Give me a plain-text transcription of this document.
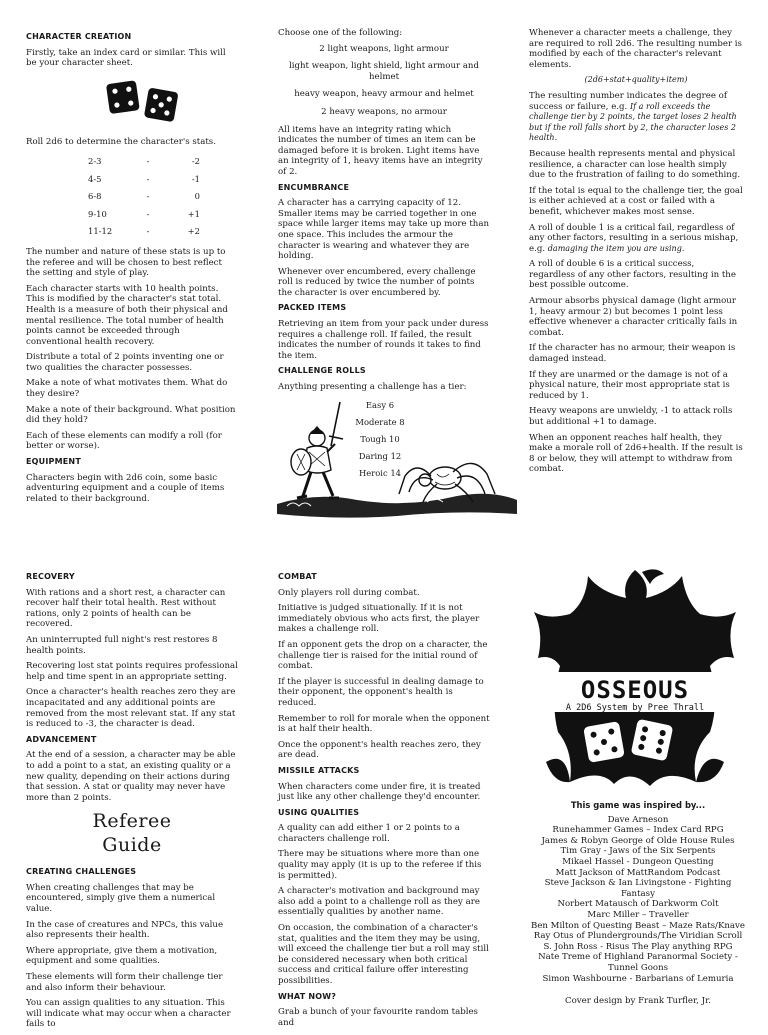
CHARACTER CREATION

Firstly, take an index card or similar. This will be your character sheet.

Roll 2d6 to determine the character's stats.

2-3	-	-2
4-5	-	-1
6-8	-	0
9-10	-	+1
11-12	-	+2

The number and nature of these stats is up to the referee and will be chosen to best reflect the setting and style of play.

Each character starts with 10 health points. This is modified by the character's stat total. Health is a measure of both their physical and mental resilience. The total number of health points cannot be exceeded through conventional health recovery.

Distribute a total of 2 points inventing one or two qualities the character possesses.

Make a note of what motivates them. What do they desire?

Make a note of their background. What position did they hold?

Each of these elements can modify a roll (for better or worse).

EQUIPMENT

Characters begin with 2d6 coin, some basic adventuring equipment and a couple of items related to their background.

Choose one of the following:

2 light weapons, light armour

light weapon, light shield, light armour and helmet

heavy weapon, heavy armour and helmet

2 heavy weapons, no armour

All items have an integrity rating which indicates the number of times an item can be damaged before it is broken. Light items have an integrity of 1, heavy items have an integrity of 2.

ENCUMBRANCE

A character has a carrying capacity of 12. Smaller items may be carried together in one space while larger items may take up more than one space. This includes the armour the character is wearing and whatever they are holding.

Whenever over encumbered, every challenge roll is reduced by twice the number of points the character is over encumbered by.

PACKED ITEMS

Retrieving an item from your pack under duress requires a challenge roll. If failed, the result indicates the number of rounds it takes to find the item.

CHALLENGE ROLLS

Anything presenting a challenge has a tier:

Easy 6
Moderate 8
Tough 10
Daring 12
Heroic 14

Whenever a character meets a challenge, they are required to roll 2d6. The resulting number is modified by each of the character's relevant elements.

(2d6+stat+quality+item)

The resulting number indicates the degree of success or failure, e.g. If a roll exceeds the challenge tier by 2 points, the target loses 2 health but if the roll falls short by 2, the character loses 2 health.

Because health represents mental and physical resilience, a character can lose health simply due to the frustration of failing to do something.

If the total is equal to the challenge tier, the goal is either achieved at a cost or failed with a benefit, whichever makes most sense.

A roll of double 1 is a critical fail, regardless of any other factors, resulting in a serious mishap, e.g. damaging the item you are using.

A roll of double 6 is a critical success, regardless of any other factors, resulting in the best possible outcome.

Armour absorbs physical damage (light armour 1, heavy armour 2) but becomes 1 point less effective whenever a character critically fails in combat.

If the character has no armour, their weapon is damaged instead.

If they are unarmed or the damage is not of a physical nature, their most appropriate stat is reduced by 1.

Heavy weapons are unwieldy, -1 to attack rolls but additional +1 to damage.

When an opponent reaches half health, they make a morale roll of 2d6+health. If the result is 8 or below, they will attempt to withdraw from combat.

RECOVERY

With rations and a short rest, a character can recover half their total health. Rest without rations, only 2 points of health can be recovered.

An uninterrupted full night's rest restores 8 health points.

Recovering lost stat points requires professional help and time spent in an appropriate setting.

Once a character's health reaches zero they are incapacitated and any additional points are removed from the most relevant stat. If any stat is reduced to -3, the character is dead.

ADVANCEMENT

At the end of a session, a character may be able to add a point to a stat, an existing quality or a new quality, depending on their actions during that session. A stat or quality may never have more than 2 points.

Referee
Guide
CREATING CHALLENGES

When creating challenges that may be encountered, simply give them a numerical value.

In the case of creatures and NPCs, this value also represents their health.

Where appropriate, give them a motivation, equipment and some qualities.

These elements will form their challenge tier and also inform their behaviour.

You can assign qualities to any situation. This will indicate what may occur when a character fails to

COMBAT

Only players roll during combat.

Initiative is judged situationally. If it is not immediately obvious who acts first, the player makes a challenge roll.

If an opponent gets the drop on a character, the challenge tier is raised for the initial round of combat.

If the player is successful in dealing damage to their opponent, the opponent's health is reduced.

Remember to roll for morale when the opponent is at half their health.

Once the opponent's health reaches zero, they are dead.

MISSILE ATTACKS

When characters come under fire, it is treated just like any other challenge they'd encounter.

USING QUALITIES

A quality can add either 1 or 2 points to a characters challenge roll.

There may be situations where more than one quality may apply (it is up to the referee if this is permitted).

A character's motivation and background may also add a point to a challenge roll as they are essentially qualities by another name.

On occasion, the combination of a character's stat, qualities and the item they may be using, will exceed the challenge tier but a roll may still be considered necessary when both critical success and critical failure offer interesting possibilities.

WHAT NOW?

Grab a bunch of your favourite random tables and

OSSEOUS
A 2D6 System by Pree Thrall
This game was inspired by...
Dave Arneson
Runehammer Games – Index Card RPG
James & Robyn George of Olde House Rules
Tim Gray - Jaws of the Six Serpents
Mikael Hassel - Dungeon Questing
Matt Jackson of MattRandom Podcast
Steve Jackson & Ian Livingstone - Fighting Fantasy
Norbert Matausch of Darkworm Colt
Marc Miller – Traveller
Ben Milton of Questing Beast – Maze Rats/Knave
Ray Otus of Plundergrounds/The Viridian Scroll
S. John Ross - Risus The Play anything RPG
Nate Treme of Highland Paranormal Society -
Tunnel Goons
Simon Washbourne - Barbarians of Lemuria
Cover design by Frank Turfler, Jr.
